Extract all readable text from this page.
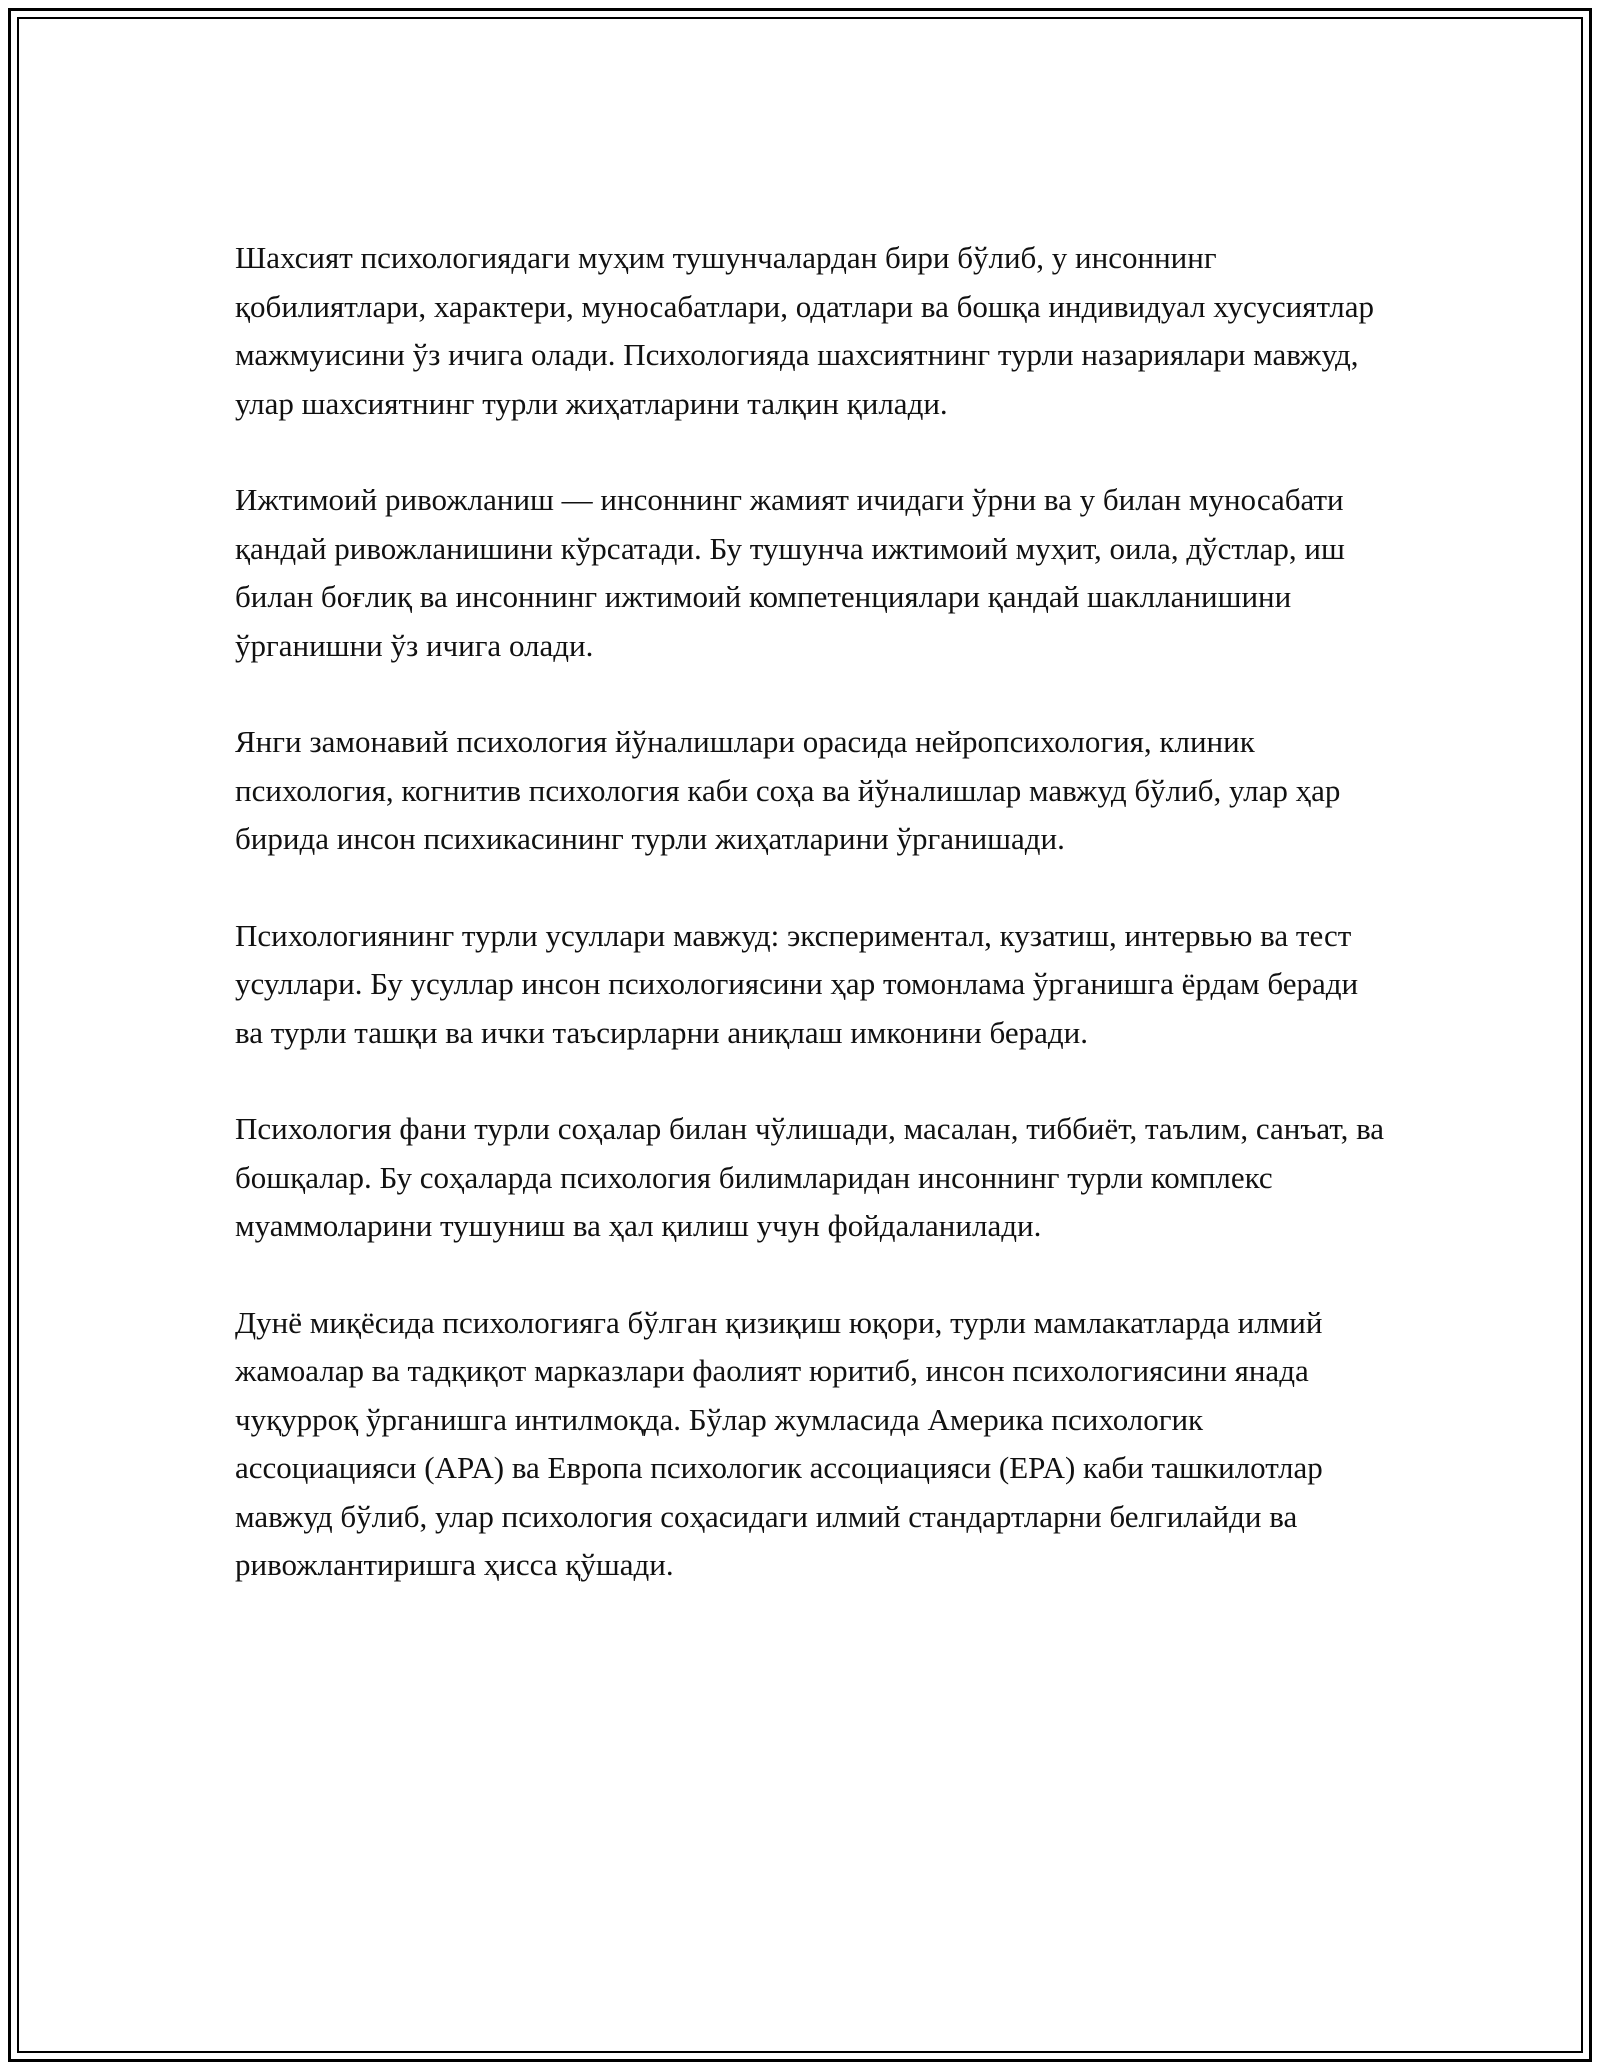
Шахсият психологиядаги муҳим тушунчалардан бири бўлиб, у инсоннинг қобилиятлари, характери, муносабатлари, одатлари ва бошқа индивидуал хусусиятлар мажмуисини ўз ичига олади. Психологияда шахсиятнинг турли назариялари мавжуд, улар шахсиятнинг турли жиҳатларини талқин қилади.

Ижтимоий ривожланиш — инсоннинг жамият ичидаги ўрни ва у билан муносабати қандай ривожланишини кўрсатади. Бу тушунча ижтимоий муҳит, оила, дўстлар, иш билан боғлиқ ва инсоннинг ижтимоий компетенциялари қандай шаклланишини ўрганишни ўз ичига олади.

Янги замонавий психология йўналишлари орасида нейропсихология, клиник психология, когнитив психология каби соҳа ва йўналишлар мавжуд бўлиб, улар ҳар бирида инсон психикасининг турли жиҳатларини ўрганишади.

Психологиянинг турли усуллари мавжуд: экспериментал, кузатиш, интервью ва тест усуллари. Бу усуллар инсон психологиясини ҳар томонлама ўрганишга ёрдам беради ва турли ташқи ва ички таъсирларни аниқлаш имконини беради.

Психология фани турли соҳалар билан чўлишади, масалан, тиббиёт, таълим, санъат, ва бошқалар. Бу соҳаларда психология билимларидан инсоннинг турли комплекс муаммоларини тушуниш ва ҳал қилиш учун фойдаланилади.

Дунё миқёсида психологияга бўлган қизиқиш юқори, турли мамлакатларда илмий жамоалар ва тадқиқот марказлари фаолият юритиб, инсон психологиясини янада чуқурроқ ўрганишга интилмоқда. Бўлар жумласида Америка психологик ассоциацияси (APA) ва Европа психологик ассоциацияси (EPA) каби ташкилотлар мавжуд бўлиб, улар психология соҳасидаги илмий стандартларни белгилайди ва ривожлантиришга ҳисса қўшади.
